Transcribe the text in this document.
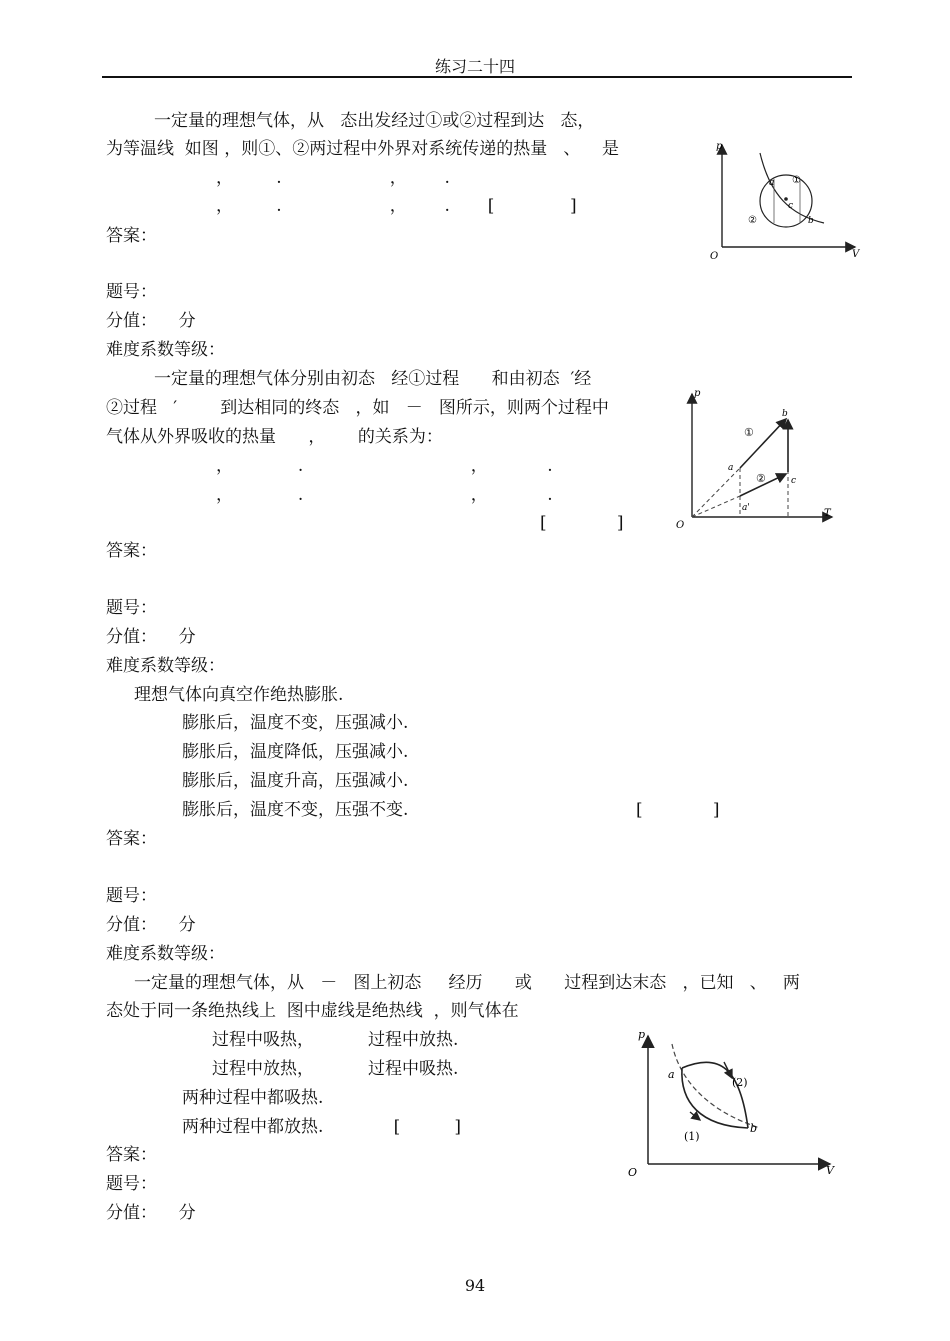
练习二十四
一定量的理想气体，从   态出发经过①或②过程到达   态，
为等温线  如图 ，则①、②两过程中外界对系统传递的热量   、    是
，        .                    ，       .
，        .                    ，       .       [              ]
答案：
p
V
O
a
b
c
①
②
题号：
分值：    分
难度系数等级：
一定量的理想气体分别由初态   经①过程      和由初态  ′经
②过程   ′        到达相同的终态   ，如   －   图所示，则两个过程中
气体从外界吸收的热量      ，      的关系为：
，            .                               ，           .
，            .                               ，           .
[             ]
答案：
p
T
O
a
a'
b
c
①
②
题号：
分值：    分
难度系数等级：
理想气体向真空作绝热膨胀.
膨胀后，温度不变，压强减小.
膨胀后，温度降低，压强减小.
膨胀后，温度升高，压强减小.
膨胀后，温度不变，压强不变.	[             ]
答案：
题号：
分值：    分
难度系数等级：
一定量的理想气体，从   －   图上初态     经历      或      过程到达末态   ，已知   、   两
态处于同一条绝热线上  图中虚线是绝热线  ，则气体在
过程中吸热，          过程中放热.
过程中放热，          过程中吸热.
两种过程中都吸热.
两种过程中都放热.             [          ]
答案：
题号：
分值：    分
p
V
O
a
b
(1)
(2)
94
